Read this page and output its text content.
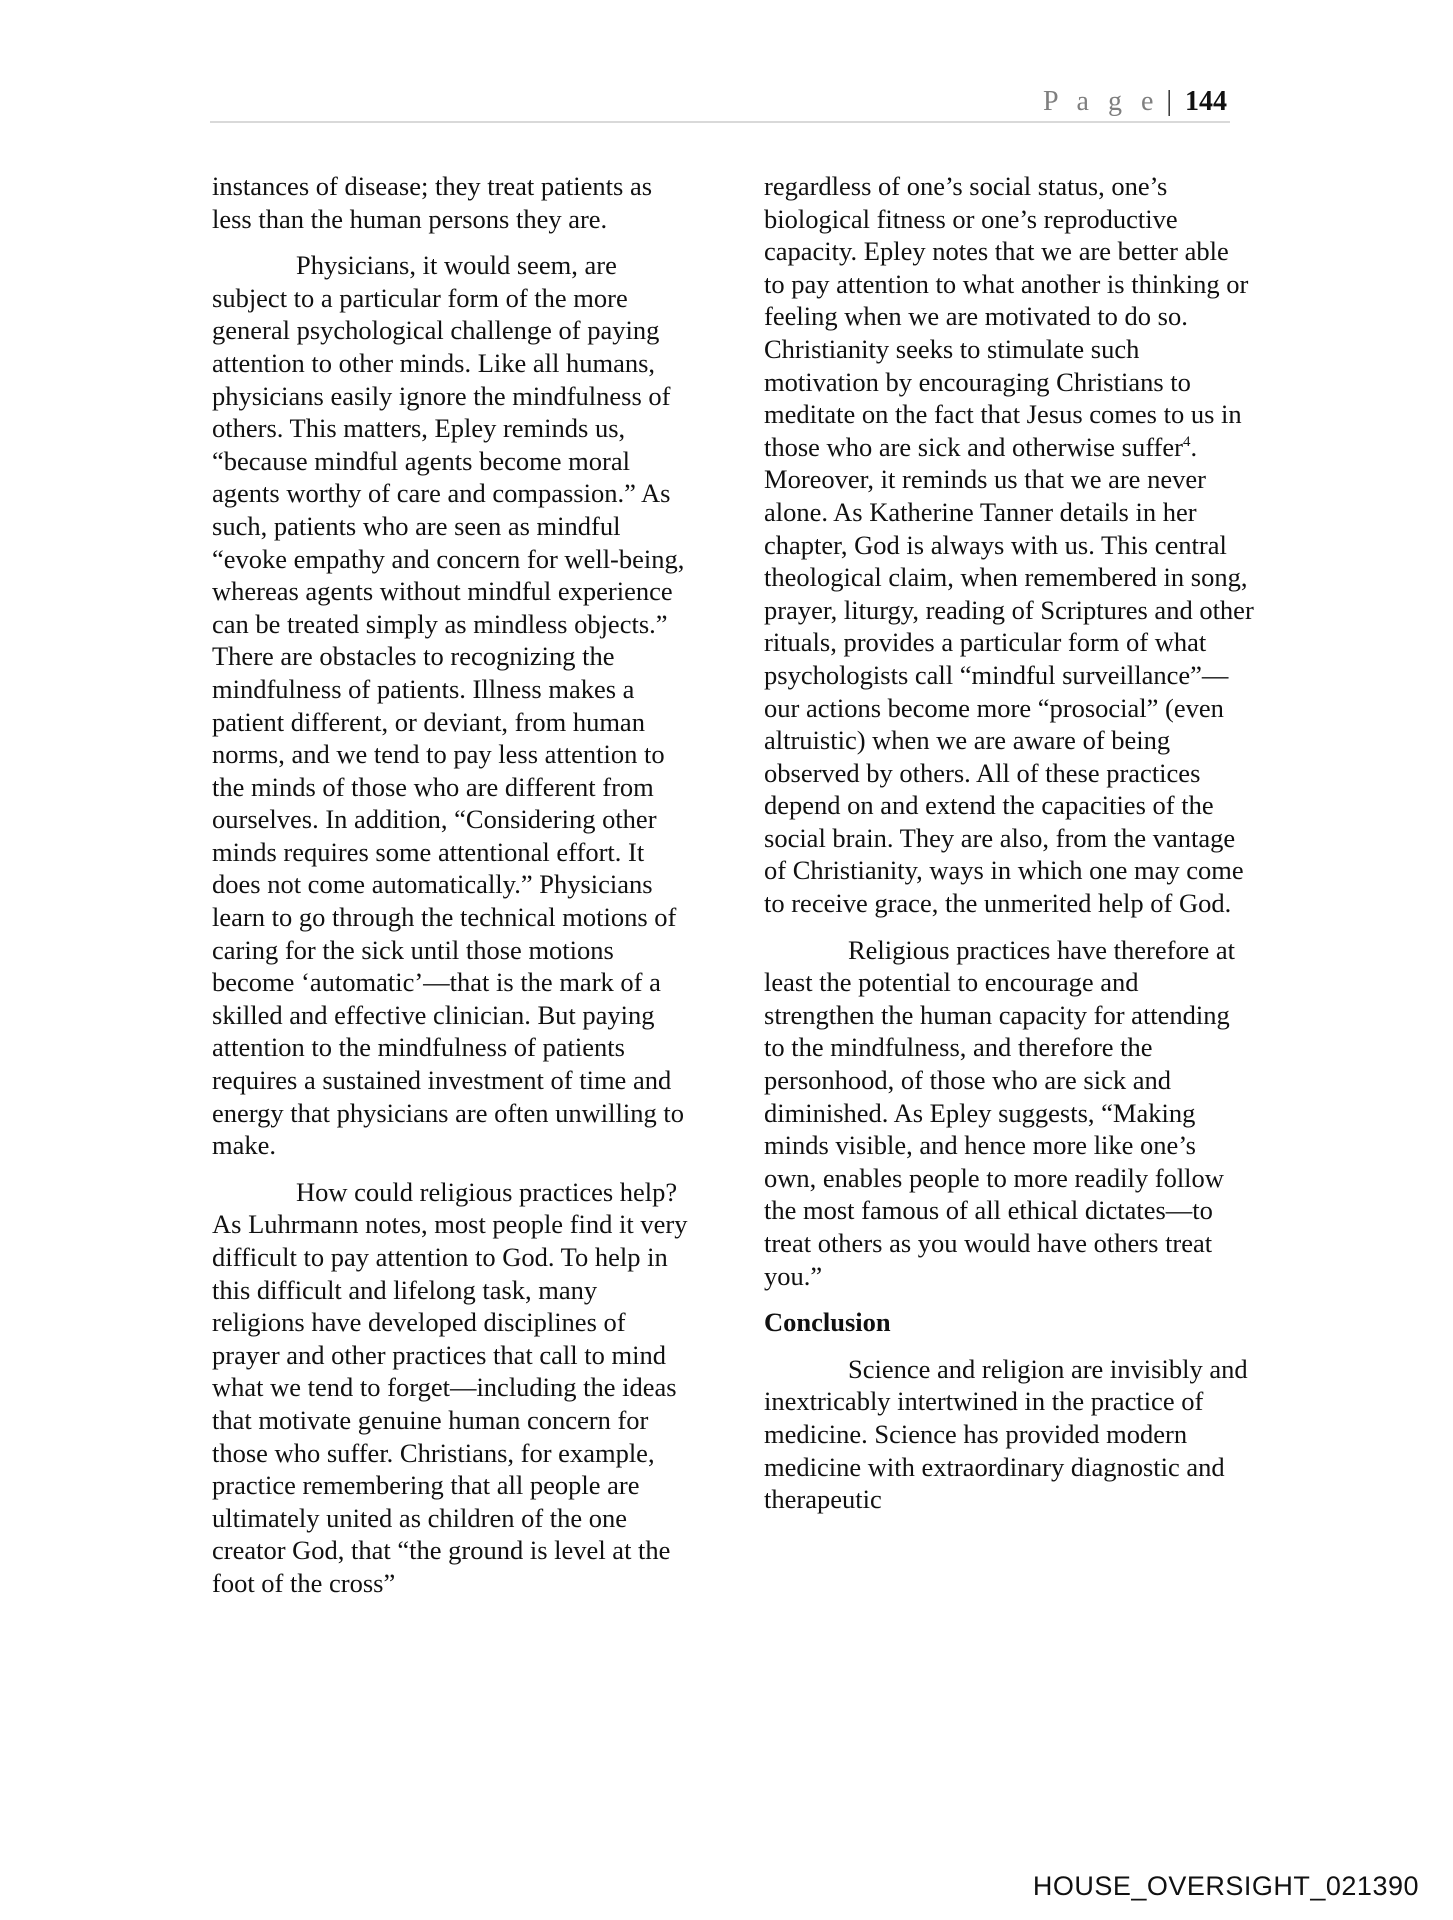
P a g e | 144

instances of disease; they treat patients as less than the human persons they are.

Physicians, it would seem, are subject to a particular form of the more general psychological challenge of paying attention to other minds. Like all humans, physicians easily ignore the mindfulness of others. This matters, Epley reminds us, “because mindful agents become moral agents worthy of care and compassion.” As such, patients who are seen as mindful “evoke empathy and concern for well-being, whereas agents without mindful experience can be treated simply as mindless objects.” There are obstacles to recognizing the mindfulness of patients. Illness makes a patient different, or deviant, from human norms, and we tend to pay less attention to the minds of those who are different from ourselves. In addition, “Considering other minds requires some attentional effort. It does not come automatically.” Physicians learn to go through the technical motions of caring for the sick until those motions become ‘automatic’—that is the mark of a skilled and effective clinician. But paying attention to the mindfulness of patients requires a sustained investment of time and energy that physicians are often unwilling to make.

How could religious practices help? As Luhrmann notes, most people find it very difficult to pay attention to God. To help in this difficult and lifelong task, many religions have developed disciplines of prayer and other practices that call to mind what we tend to forget—including the ideas that motivate genuine human concern for those who suffer. Christians, for example, practice remembering that all people are ultimately united as children of the one creator God, that “the ground is level at the foot of the cross”

regardless of one’s social status, one’s biological fitness or one’s reproductive capacity. Epley notes that we are better able to pay attention to what another is thinking or feeling when we are motivated to do so. Christianity seeks to stimulate such motivation by encouraging Christians to meditate on the fact that Jesus comes to us in those who are sick and otherwise suffer$^4$. Moreover, it reminds us that we are never alone. As Katherine Tanner details in her chapter, God is always with us. This central theological claim, when remembered in song, prayer, liturgy, reading of Scriptures and other rituals, provides a particular form of what psychologists call “mindful surveillance”—our actions become more “prosocial” (even altruistic) when we are aware of being observed by others. All of these practices depend on and extend the capacities of the social brain. They are also, from the vantage of Christianity, ways in which one may come to receive grace, the unmerited help of God.

Religious practices have therefore at least the potential to encourage and strengthen the human capacity for attending to the mindfulness, and therefore the personhood, of those who are sick and diminished. As Epley suggests, “Making minds visible, and hence more like one’s own, enables people to more readily follow the most famous of all ethical dictates—to treat others as you would have others treat you.”

Conclusion

Science and religion are invisibly and inextricably intertwined in the practice of medicine. Science has provided modern medicine with extraordinary diagnostic and therapeutic

HOUSE_OVERSIGHT_021390
